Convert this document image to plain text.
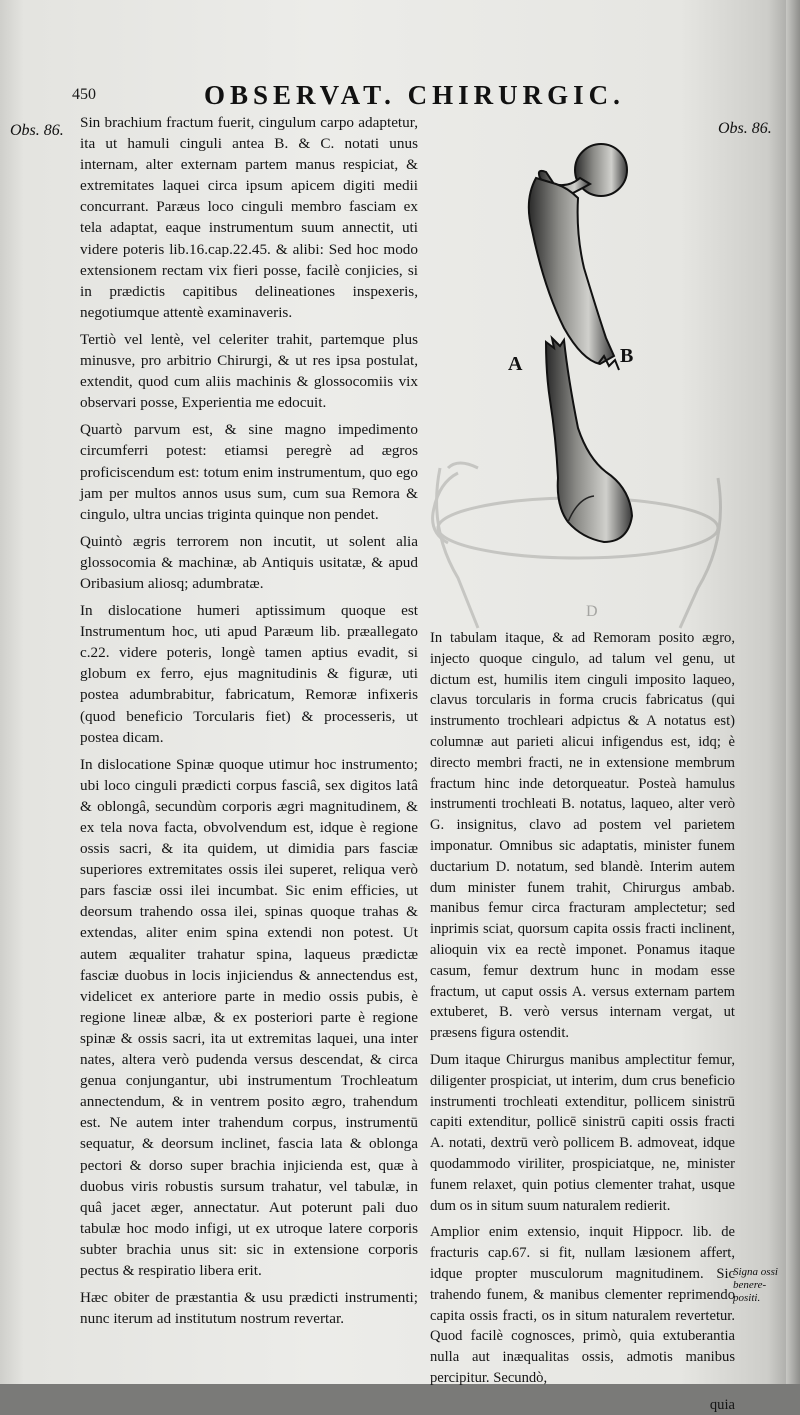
450	OBSERVAT. CHIRURGIC.
Obs. 86.	Obs. 86.

A	B
D

Sin brachium fractum fuerit, cingulum carpo adaptetur, ita ut hamuli cinguli antea B. & C. notati unus internam, alter externam partem manus respiciat, & extremitates laquei circa ipsum apicem digiti medii concurrant. Paræus loco cinguli membro fasciam ex tela adaptat, eaque instrumentum suum annectit, uti videre poteris lib.16.cap.22.45. & alibi: Sed hoc modo extensionem rectam vix fieri posse, facilè conjicies, si in prædictis capitibus delineationes inspexeris, negotiumque attentè examinaveris.

Tertiò vel lentè, vel celeriter trahit, partemque plus minusve, pro arbitrio Chirurgi, & ut res ipsa postulat, extendit, quod cum aliis machinis & glossocomiis vix observari posse, Experientia me edocuit.

Quartò parvum est, & sine magno impedimento circumferri potest: etiamsi peregrè ad ægros proficiscendum est: totum enim instrumentum, quo ego jam per multos annos usus sum, cum sua Remora & cingulo, ultra uncias triginta quinque non pendet.

Quintò ægris terrorem non incutit, ut solent alia glossocomia & machinæ, ab Antiquis usitatæ, & apud Oribasium aliosq; adumbratæ.

In dislocatione humeri aptissimum quoque est Instrumentum hoc, uti apud Paræum lib. præallegato c.22. videre poteris, longè tamen aptius evadit, si globum ex ferro, ejus magnitudinis & figuræ, uti postea adumbrabitur, fabricatum, Remoræ infixeris (quod beneficio Torcularis fiet) & processeris, ut postea dicam.

In dislocatione Spinæ quoque utimur hoc instrumento; ubi loco cinguli prædicti corpus fasciâ, sex digitos latâ & oblongâ, secundùm corporis ægri magnitudinem, & ex tela nova facta, obvolvendum est, idque è regione ossis sacri, & ita quidem, ut dimidia pars fasciæ superiores extremitates ossis ilei superet, reliqua verò pars fasciæ ossi ilei incumbat. Sic enim efficies, ut deorsum trahendo ossa ilei, spinas quoque trahas & extendas, aliter enim spina extendi non potest. Ut autem æqualiter trahatur spina, laqueus prædictæ fasciæ duobus in locis injiciendus & annectendus est, videlicet ex anteriore parte in medio ossis pubis, è regione lineæ albæ, & ex posteriori parte è regione spinæ & ossis sacri, ita ut extremitas laquei, una inter nates, altera verò pudenda versus descendat, & circa genua conjungantur, ubi instrumentum Trochleatum annectendum, & in ventrem posito ægro, trahendum est. Ne autem inter trahendum corpus, instrumentū sequatur, & deorsum inclinet, fascia lata & oblonga pectori & dorso super brachia injicienda est, quæ à duobus viris robustis sursum trahatur, vel tabulæ, in quâ jacet æger, annectatur. Aut poterunt pali duo tabulæ hoc modo infigi, ut ex utroque latere corporis subter brachia unus sit: sic in extensione corporis pectus & respiratio libera erit.

Hæc obiter de præstantia & usu prædicti instrumenti; nunc iterum ad institutum nostrum revertar.

In tabulam itaque, & ad Remoram posito ægro, injecto quoque cingulo, ad talum vel genu, ut dictum est, humilis item cinguli imposito laqueo, clavus torcularis in forma crucis fabricatus (qui instrumento trochleari adpictus & A notatus est) columnæ aut parieti alicui infigendus est, idq; è directo membri fracti, ne in extensione membrum fractum hinc inde detorqueatur. Posteà hamulus instrumenti trochleati B. notatus, laqueo, alter verò G. insignitus, clavo ad postem vel parietem imponatur. Omnibus sic adaptatis, minister funem ductarium D. notatum, sed blandè. Interim autem dum minister funem trahit, Chirurgus ambab. manibus femur circa fracturam amplectetur; sed inprimis sciat, quorsum capita ossis fracti inclinent, alioquin vix ea rectè imponet. Ponamus itaque casum, femur dextrum hunc in modam esse fractum, ut caput ossis A. versus externam partem extuberet, B. verò versus internam vergat, ut præsens figura ostendit.

Dum itaque Chirurgus manibus amplectitur femur, diligenter prospiciat, ut interim, dum crus beneficio instrumenti trochleati extenditur, pollicem sinistrū capiti extenditur, pollicē sinistrū capiti ossis fracti A. notati, dextrū verò pollicem B. admoveat, idque quodammodo viriliter, prospiciatque, ne, minister funem relaxet, quin potius clementer trahat, usque dum os in situm suum naturalem redierit.

Amplior enim extensio, inquit Hippocr. lib. de fracturis cap.67. si fit, nullam læsionem affert, idque propter musculorum magnitudinem. Sic trahendo funem, & manibus clementer reprimendo capita ossis fracti, os in situm naturalem revertetur. Quod facilè cognosces, primò, quia extuberantia nulla aut inæqualitas ossis, admotis manibus percipitur. Secundò,

quia
Signa ossi benere-positi.
